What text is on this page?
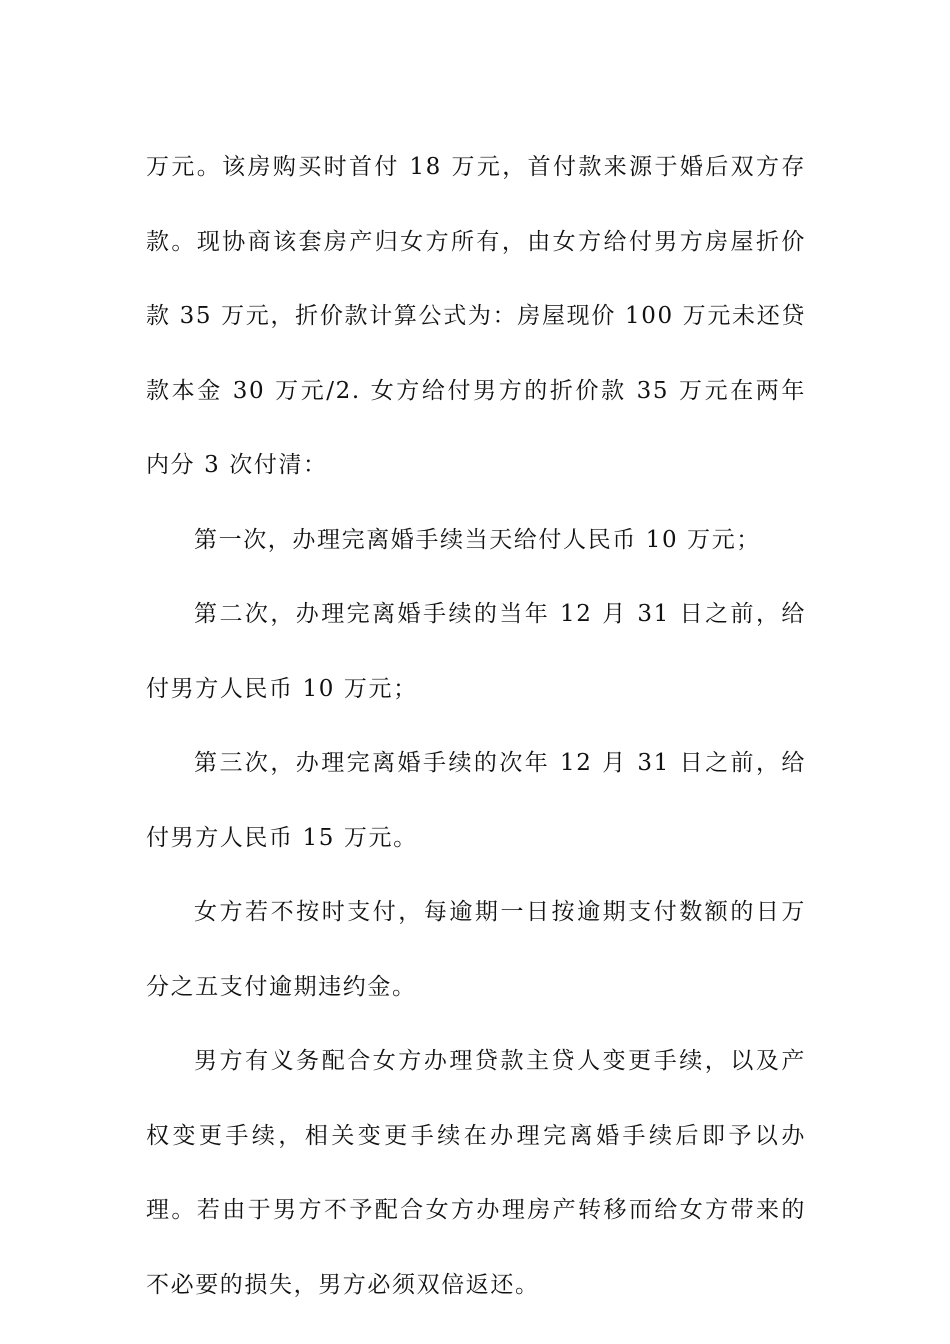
万元。该房购买时首付 18 万元，首付款来源于婚后双方存款。现协商该套房产归女方所有，由女方给付男方房屋折价款 35 万元，折价款计算公式为：房屋现价 100 万元未还贷款本金 30 万元/2. 女方给付男方的折价款 35 万元在两年内分 3 次付清：

第一次，办理完离婚手续当天给付人民币 10 万元；

第二次，办理完离婚手续的当年 12 月 31 日之前，给付男方人民币 10 万元；

第三次，办理完离婚手续的次年 12 月 31 日之前，给付男方人民币 15 万元。

女方若不按时支付，每逾期一日按逾期支付数额的日万分之五支付逾期违约金。

男方有义务配合女方办理贷款主贷人变更手续，以及产权变更手续，相关变更手续在办理完离婚手续后即予以办理。若由于男方不予配合女方办理房产转移而给女方带来的不必要的损失，男方必须双倍返还。
